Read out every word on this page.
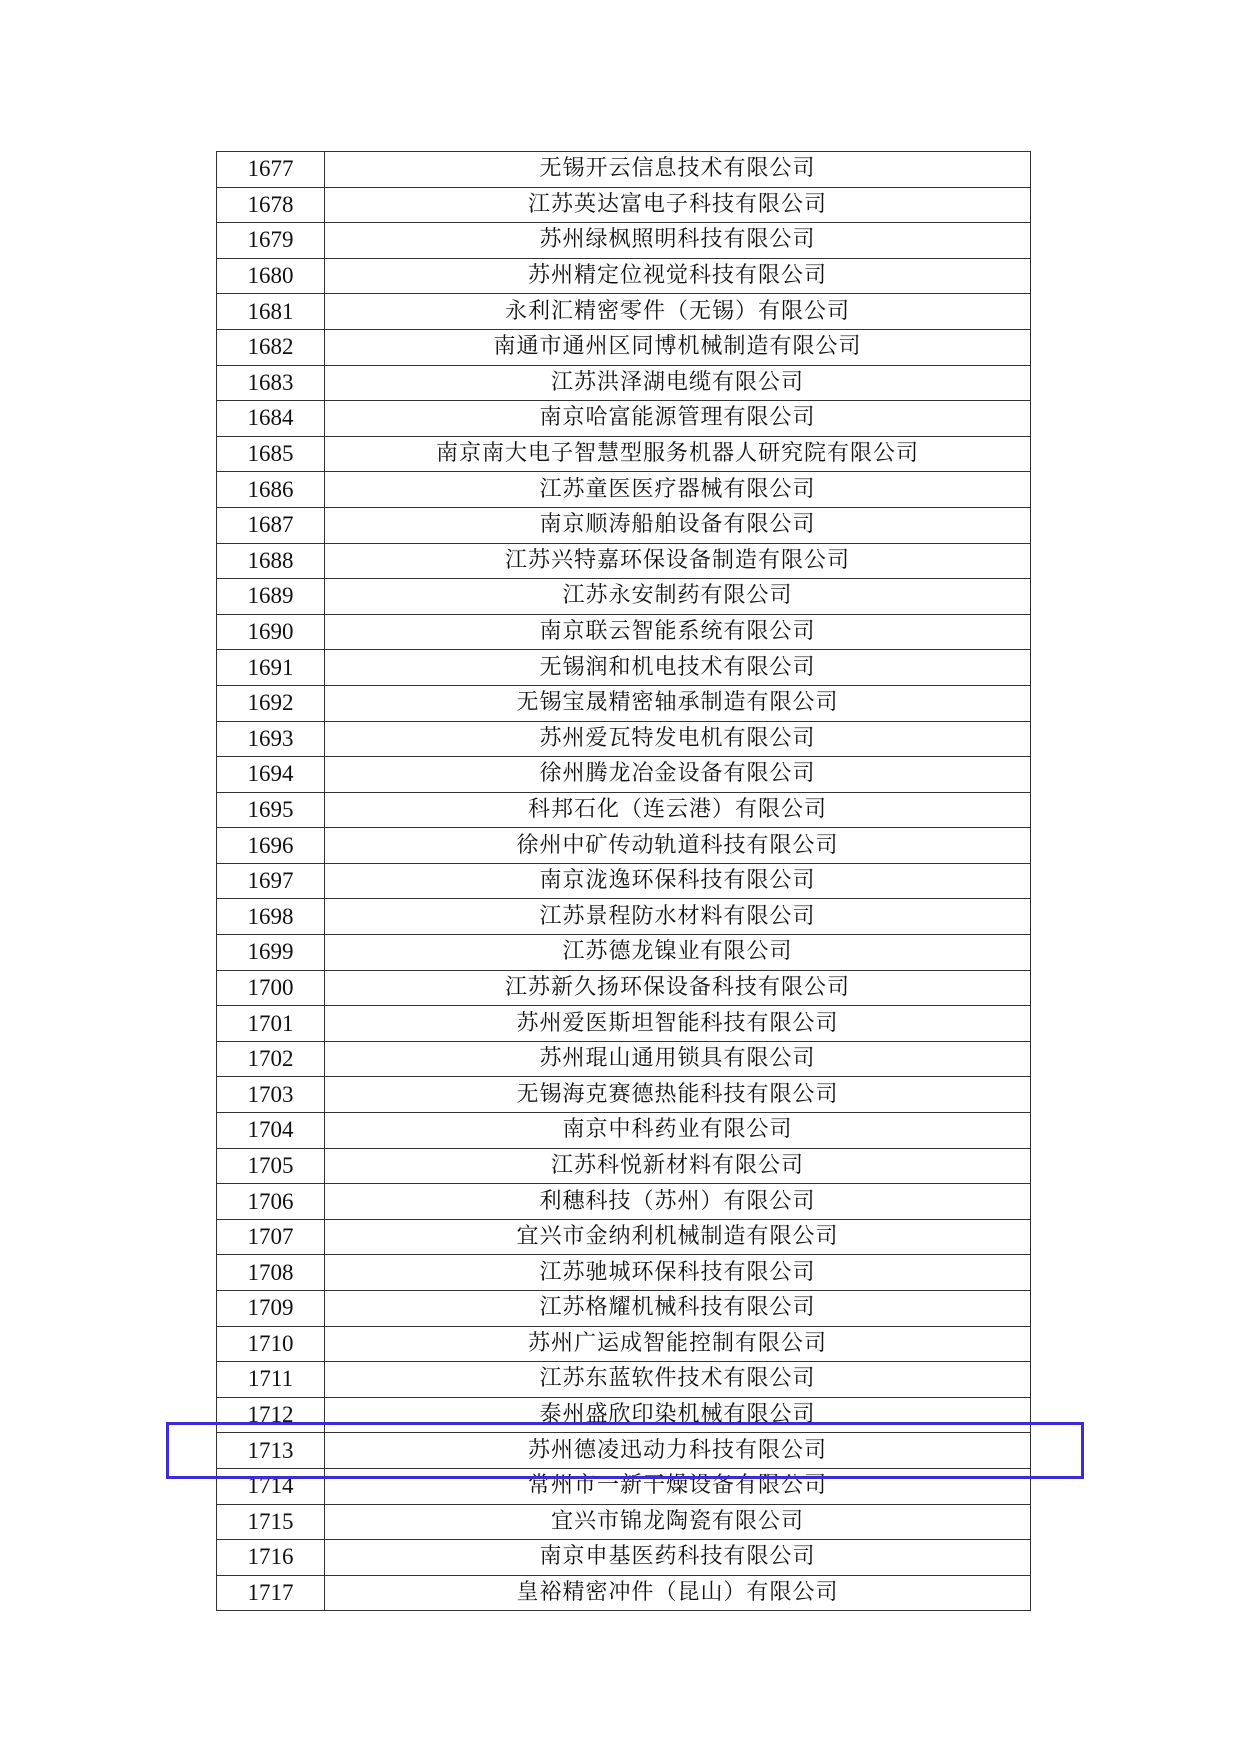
1677	无锡开云信息技术有限公司
1678	江苏英达富电子科技有限公司
1679	苏州绿枫照明科技有限公司
1680	苏州精定位视觉科技有限公司
1681	永利汇精密零件（无锡）有限公司
1682	南通市通州区同博机械制造有限公司
1683	江苏洪泽湖电缆有限公司
1684	南京哈富能源管理有限公司
1685	南京南大电子智慧型服务机器人研究院有限公司
1686	江苏童医医疗器械有限公司
1687	南京顺涛船舶设备有限公司
1688	江苏兴特嘉环保设备制造有限公司
1689	江苏永安制药有限公司
1690	南京联云智能系统有限公司
1691	无锡润和机电技术有限公司
1692	无锡宝晟精密轴承制造有限公司
1693	苏州爱瓦特发电机有限公司
1694	徐州腾龙冶金设备有限公司
1695	科邦石化（连云港）有限公司
1696	徐州中矿传动轨道科技有限公司
1697	南京泷逸环保科技有限公司
1698	江苏景程防水材料有限公司
1699	江苏德龙镍业有限公司
1700	江苏新久扬环保设备科技有限公司
1701	苏州爱医斯坦智能科技有限公司
1702	苏州琨山通用锁具有限公司
1703	无锡海克赛德热能科技有限公司
1704	南京中科药业有限公司
1705	江苏科悦新材料有限公司
1706	利穗科技（苏州）有限公司
1707	宜兴市金纳利机械制造有限公司
1708	江苏驰城环保科技有限公司
1709	江苏格耀机械科技有限公司
1710	苏州广运成智能控制有限公司
1711	江苏东蓝软件技术有限公司
1712	泰州盛欣印染机械有限公司
1713	苏州德凌迅动力科技有限公司
1714	常州市一新干燥设备有限公司
1715	宜兴市锦龙陶瓷有限公司
1716	南京申基医药科技有限公司
1717	皇裕精密冲件（昆山）有限公司
